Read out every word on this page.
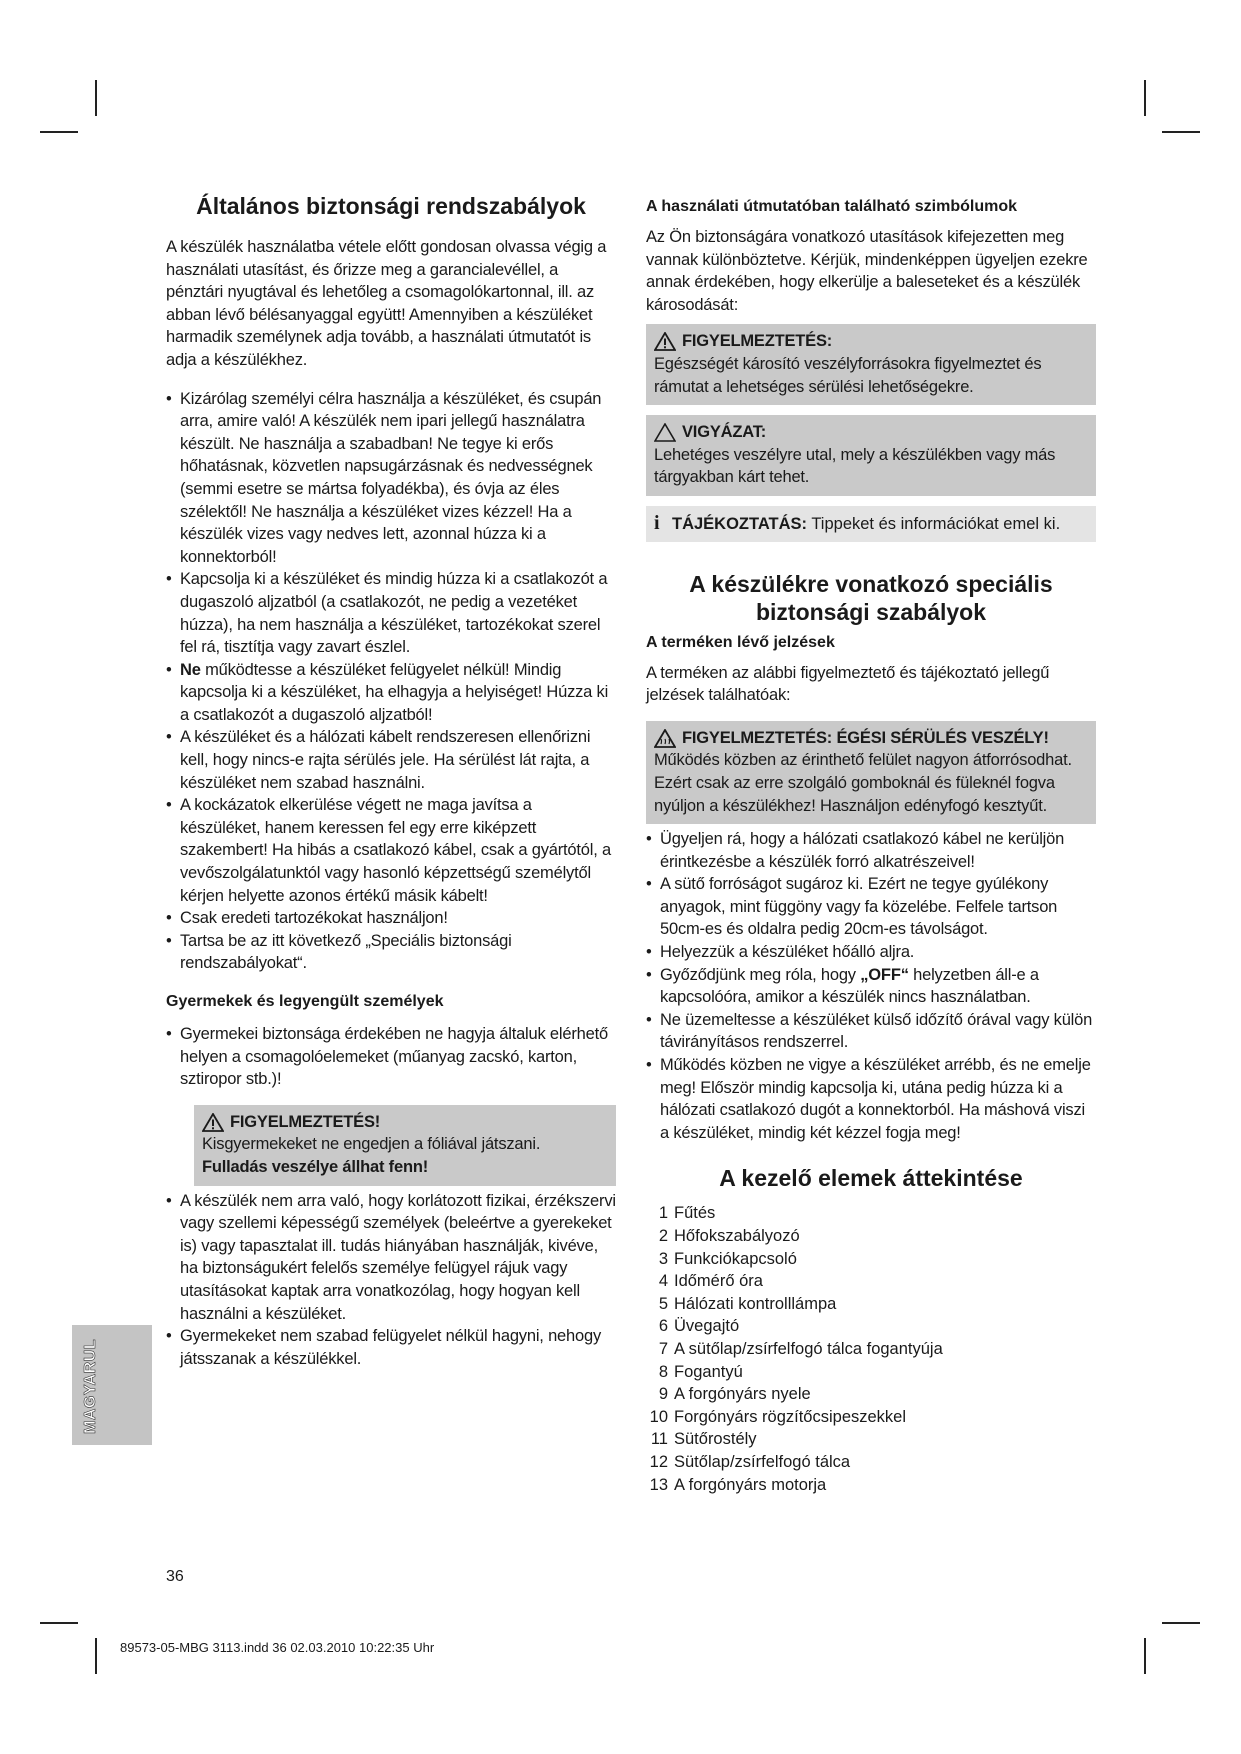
Általános biztonsági rendszabályok

A készülék használatba vétele előtt gondosan olvassa végig a használati utasítást, és őrizze meg a garancialevéllel, a pénztári nyugtával és lehetőleg a csomagolókartonnal, ill. az abban lévő bélésanyaggal együtt! Amennyiben a készüléket harmadik személynek adja tovább, a használati útmutatót is adja a készülékhez.

• Kizárólag személyi célra használja a készüléket, és csupán arra, amire való! A készülék nem ipari jellegű használatra készült. Ne használja a szabadban! Ne tegye ki erős hőhatásnak, közvetlen napsugárzásnak és nedvességnek (semmi esetre se mártsa folyadékba), és óvja az éles szélektől! Ne használja a készüléket vizes kézzel! Ha a készülék vizes vagy nedves lett, azonnal húzza ki a konnektorból!
• Kapcsolja ki a készüléket és mindig húzza ki a csatlakozót a dugaszoló aljzatból (a csatlakozót, ne pedig a vezetéket húzza), ha nem használja a készüléket, tartozékokat szerel fel rá, tisztítja vagy zavart észlel.
• Ne működtesse a készüléket felügyelet nélkül! Mindig kapcsolja ki a készüléket, ha elhagyja a helyiséget! Húzza ki a csatlakozót a dugaszoló aljzatból!
• A készüléket és a hálózati kábelt rendszeresen ellenőrizni kell, hogy nincs-e rajta sérülés jele. Ha sérülést lát rajta, a készüléket nem szabad használni.
• A kockázatok elkerülése végett ne maga javítsa a készüléket, hanem keressen fel egy erre kiképzett szakembert! Ha hibás a csatlakozó kábel, csak a gyártótól, a vevőszolgálatunktól vagy hasonló képzettségű személytől kérjen helyette azonos értékű másik kábelt!
• Csak eredeti tartozékokat használjon!
• Tartsa be az itt következő „Speciális biztonsági rendszabályokat“.
Gyermekek és legyengült személyek
• Gyermekei biztonsága érdekében ne hagyja általuk elérhető helyen a csomagolóelemeket (műanyag zacskó, karton, sztiropor stb.)!
FIGYELMEZTETÉS!
Kisgyermekeket ne engedjen a fóliával játszani. Fulladás veszélye állhat fenn!
• A készülék nem arra való, hogy korlátozott fizikai, érzékszervi vagy szellemi képességű személyek (beleértve a gyerekeket is) vagy tapasztalat ill. tudás hiányában használják, kivéve, ha biztonságukért felelős személye felügyel rájuk vagy utasításokat kaptak arra vonatkozólag, hogy hogyan kell használni a készüléket.
• Gyermekeket nem szabad felügyelet nélkül hagyni, nehogy játsszanak a készülékkel.
A használati útmutatóban található szimbólumok

Az Ön biztonságára vonatkozó utasítások kifejezetten meg vannak különböztetve. Kérjük, mindenképpen ügyeljen ezekre annak érdekében, hogy elkerülje a baleseteket és a készülék károsodását:

FIGYELMEZTETÉS:
Egészségét károsító veszélyforrásokra figyelmeztet és rámutat a lehetséges sérülési lehetőségekre.
VIGYÁZAT:
Lehetéges veszélyre utal, mely a készülékben vagy más tárgyakban kárt tehet.
i TÁJÉKOZTATÁS: Tippeket és információkat emel ki.
A készülékre vonatkozó speciális biztonsági szabályok
A terméken lévő jelzések

A terméken az alábbi figyelmeztető és tájékoztató jellegű jelzések találhatóak:

FIGYELMEZTETÉS: ÉGÉSI SÉRÜLÉS VESZÉLY!
Működés közben az érinthető felület nagyon átforrósodhat. Ezért csak az erre szolgáló gomboknál és füleknél fogva nyúljon a készülékhez! Használjon edényfogó kesztyűt.
• Ügyeljen rá, hogy a hálózati csatlakozó kábel ne kerüljön érintkezésbe a készülék forró alkatrészeivel!
• A sütő forróságot sugároz ki. Ezért ne tegye gyúlékony anyagok, mint függöny vagy fa közelébe. Felfele tartson 50cm-es és oldalra pedig 20cm-es távolságot.
• Helyezzük a készüléket hőálló aljra.
• Győződjünk meg róla, hogy „OFF“ helyzetben áll-e a kapcsolóóra, amikor a készülék nincs használatban.
• Ne üzemeltesse a készüléket külső időzítő órával vagy külön távirányításos rendszerrel.
• Működés közben ne vigye a készüléket arrébb, és ne emelje meg! Először mindig kapcsolja ki, utána pedig húzza ki a hálózati csatlakozó dugót a konnektorból. Ha máshová viszi a készüléket, mindig két kézzel fogja meg!
A kezelő elemek áttekintése
1 Fűtés
2 Hőfokszabályozó
3 Funkciókapcsoló
4 Időmérő óra
5 Hálózati kontrolllámpa
6 Üvegajtó
7 A sütőlap/zsírfelfogó tálca fogantyúja
8 Fogantyú
9 A forgónyárs nyele
10 Forgónyárs rögzítőcsipeszekkel
11 Sütőrostély
12 Sütőlap/zsírfelfogó tálca
13 A forgónyárs motorja
MAGYARUL
36
89573-05-MBG 3113.indd 36 02.03.2010 10:22:35 Uhr
